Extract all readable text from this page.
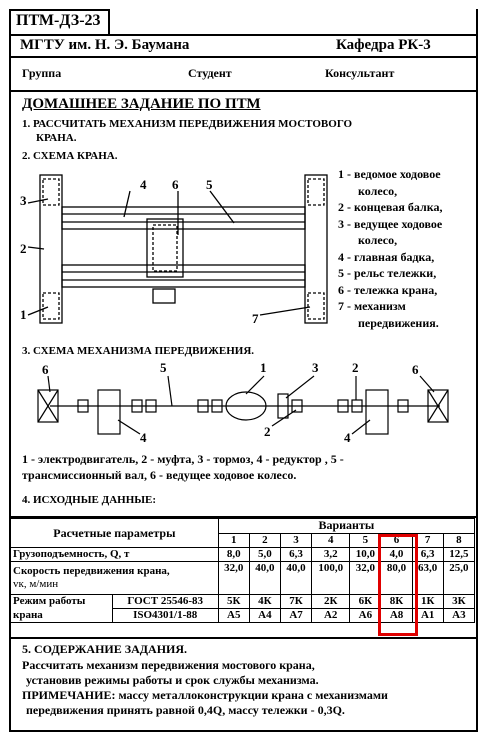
ПТМ-ДЗ-23
МГТУ им. Н. Э. Баумана	Кафедра РК-3
Группа	Студент	Консультант
ДОМАШНЕЕ ЗАДАНИЕ ПО ПТМ
1. РАССЧИТАТЬ МЕХАНИЗМ ПЕРЕДВИЖЕНИЯ МОСТОВОГО
КРАНА.
2. СХЕМА КРАНА.
3
2
1
4 6 5
7
1 - ведомое ходовое
колесо,
2 - концевая балка,
3 - ведущее ходовое
колесо,
4 - главная бадка,
5 - рельс тележки,
6 - тележка крана,
7 - механизм
передвижения.
3. СХЕМА МЕХАНИЗМА ПЕРЕДВИЖЕНИЯ.
6	5	1	3
2
6
4
2
4
1 - электродвигатель, 2 - муфта, 3 - тормоз, 4 - редуктор , 5 -
трансмиссионный вал, 6 - ведущее ходовое колесо.
4. ИСХОДНЫЕ ДАННЫЕ:
Расчетные параметры		Варианты							
		1	2	3	4	5	6	7	8
Грузоподъемность, Q, т		8,0	5,0	6,3	3,2	10,0	4,0	6,3	12,5

Скорость передвижения крана,
vк, м/мин		32,0	40,0	40,0	100,0	32,0	80,0	63,0	25,0
Режим работы	ГОСТ 25546-83	5К	4К	7К	2К	6К	8К	1К	3К
крана	ISO4301/1-88	А5	А4	А7	А2	А6	А8	А1	А3
5. СОДЕРЖАНИЕ ЗАДАНИЯ.
Рассчитать механизм передвижения мостового крана,
установив режимы работы и срок службы механизма.
ПРИМЕЧАНИЕ: массу металлоконструкции крана с механизмами
передвижения принять равной 0,4Q, массу тележки - 0,3Q.
